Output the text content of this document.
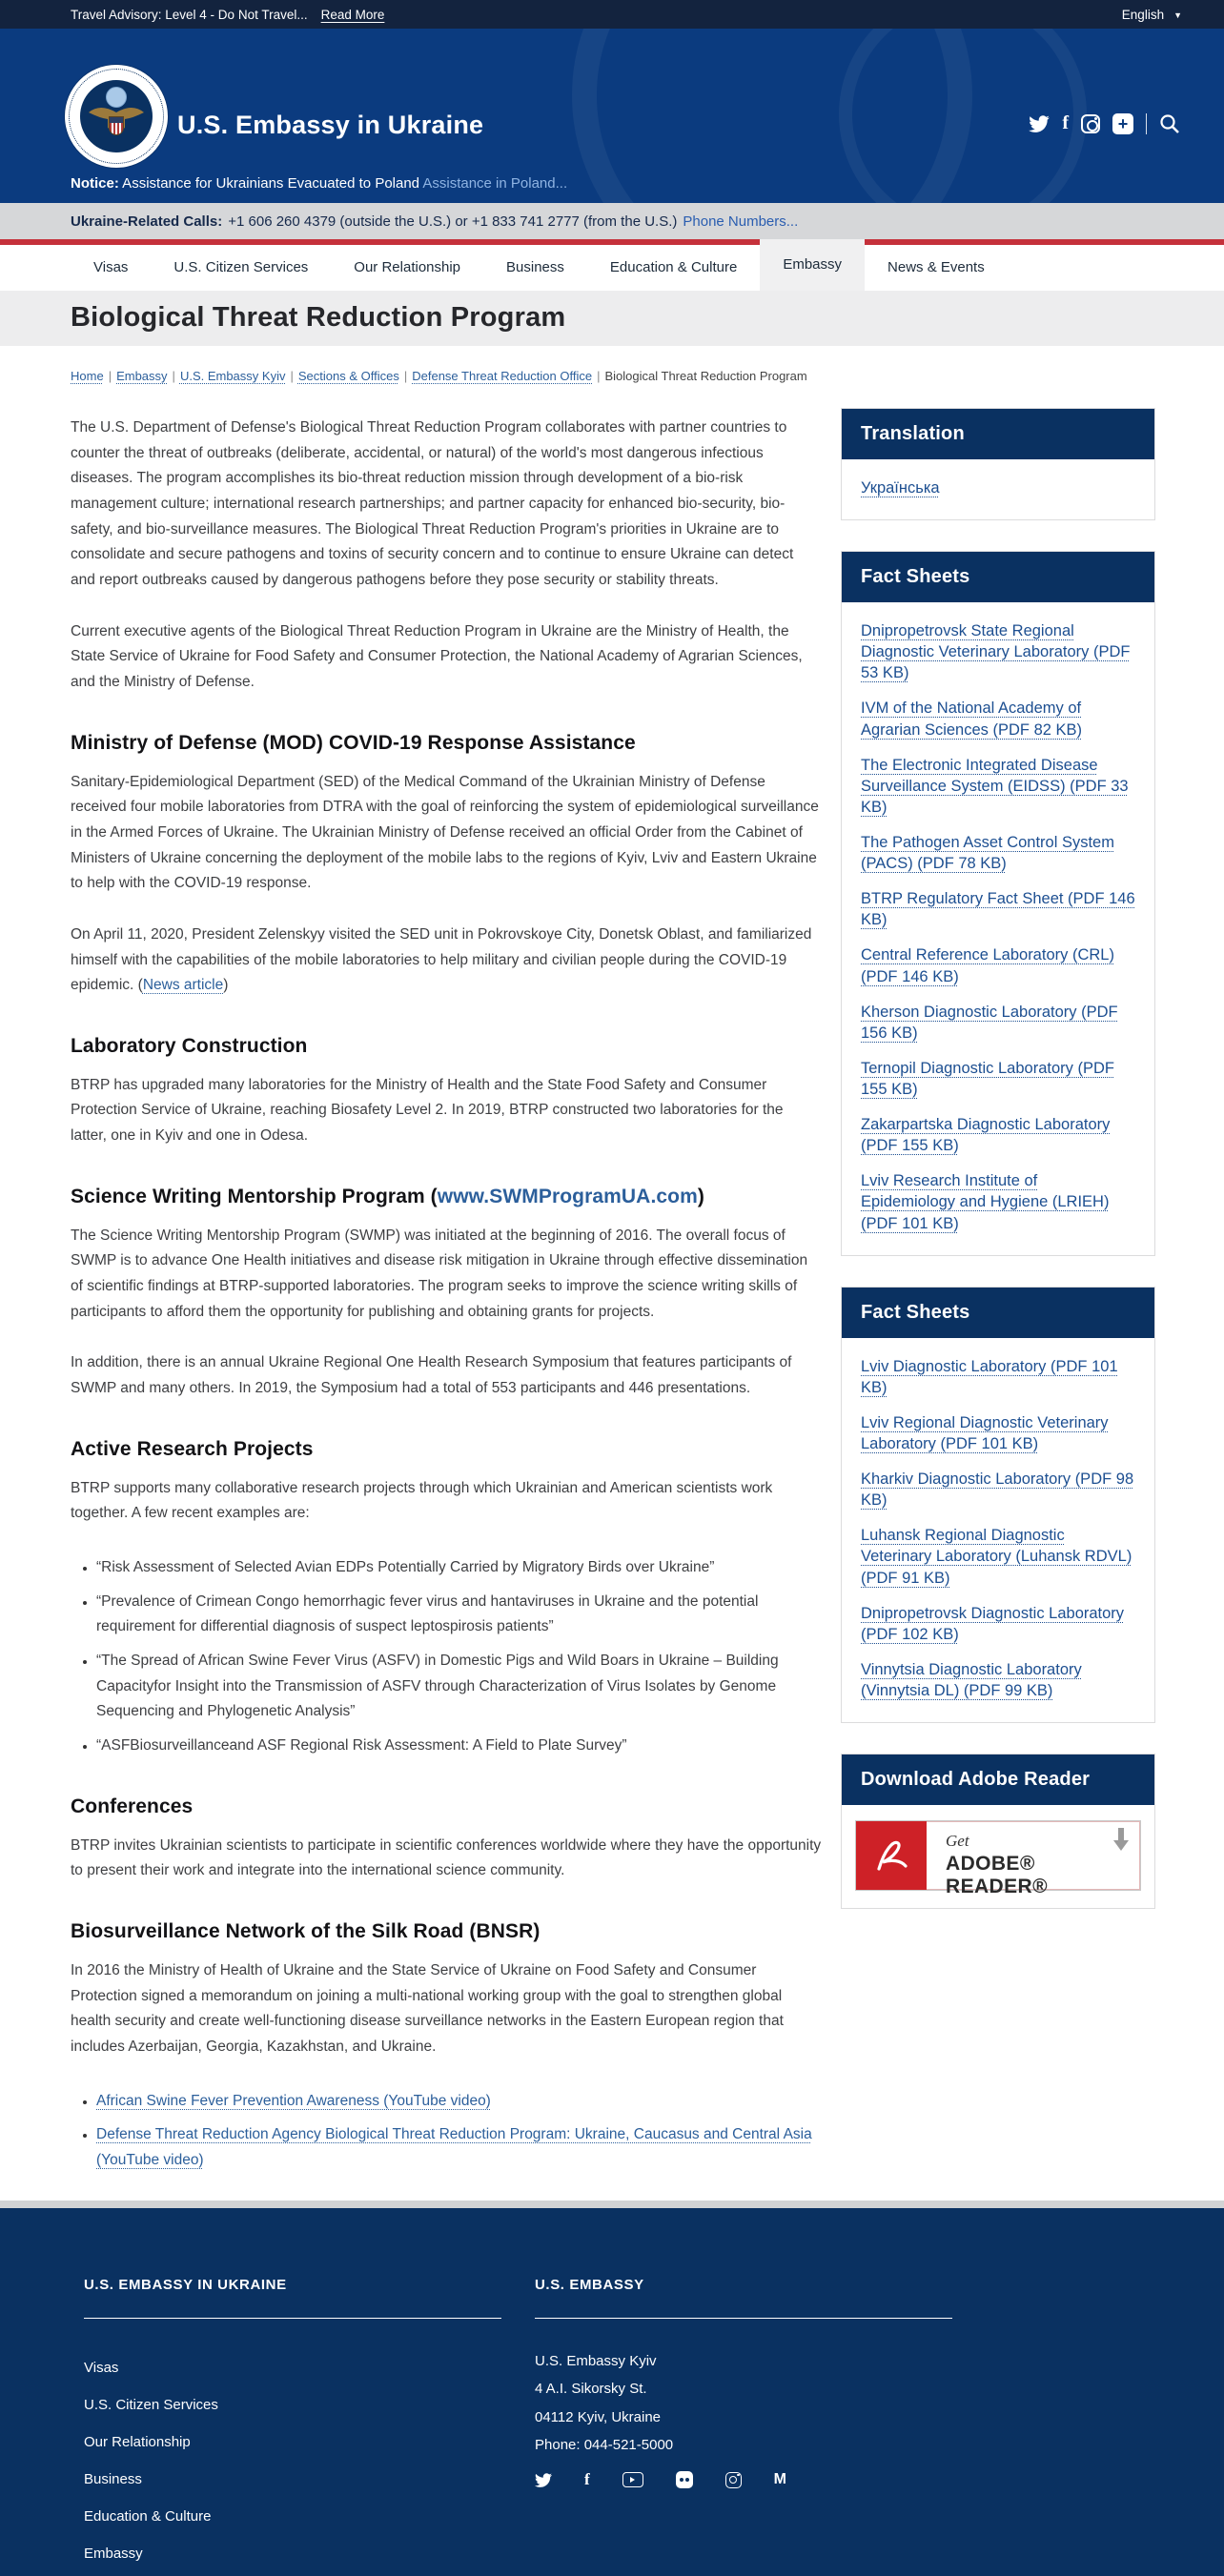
Travel Advisory: Level 4 - Do Not Travel... Read More	English ▼
U.S. Embassy in Ukraine	f	+
Notice: Assistance for Ukrainians Evacuated to Poland Assistance in Poland...
Ukraine-Related Calls: +1 606 260 4379 (outside the U.S.) or +1 833 741 2777 (from the U.S.) Phone Numbers...
Visas	U.S. Citizen Services	Our Relationship	Business	Education & Culture	Embassy	News & Events
Biological Threat Reduction Program
Home | Embassy | U.S. Embassy Kyiv | Sections & Offices | Defense Threat Reduction Office | Biological Threat Reduction Program

The U.S. Department of Defense's Biological Threat Reduction Program collaborates with partner countries to counter the threat of outbreaks (deliberate, accidental, or natural) of the world's most dangerous infectious diseases. The program accomplishes its bio-threat reduction mission through development of a bio-risk management culture; international research partnerships; and partner capacity for enhanced bio-security, bio-safety, and bio-surveillance measures. The Biological Threat Reduction Program's priorities in Ukraine are to consolidate and secure pathogens and toxins of security concern and to continue to ensure Ukraine can detect and report outbreaks caused by dangerous pathogens before they pose security or stability threats.

Current executive agents of the Biological Threat Reduction Program in Ukraine are the Ministry of Health, the State Service of Ukraine for Food Safety and Consumer Protection, the National Academy of Agrarian Sciences, and the Ministry of Defense.

Ministry of Defense (MOD) COVID-19 Response Assistance

Sanitary-Epidemiological Department (SED) of the Medical Command of the Ukrainian Ministry of Defense received four mobile laboratories from DTRA with the goal of reinforcing the system of epidemiological surveillance in the Armed Forces of Ukraine. The Ukrainian Ministry of Defense received an official Order from the Cabinet of Ministers of Ukraine concerning the deployment of the mobile labs to the regions of Kyiv, Lviv and Eastern Ukraine to help with the COVID-19 response.

On April 11, 2020, President Zelenskyy visited the SED unit in Pokrovskoye City, Donetsk Oblast, and familiarized himself with the capabilities of the mobile laboratories to help military and civilian people during the COVID-19 epidemic. (News article)

Laboratory Construction

BTRP has upgraded many laboratories for the Ministry of Health and the State Food Safety and Consumer Protection Service of Ukraine, reaching Biosafety Level 2. In 2019, BTRP constructed two laboratories for the latter, one in Kyiv and one in Odesa.

Science Writing Mentorship Program (www.SWMProgramUA.com)

The Science Writing Mentorship Program (SWMP) was initiated at the beginning of 2016. The overall focus of SWMP is to advance One Health initiatives and disease risk mitigation in Ukraine through effective dissemination of scientific findings at BTRP-supported laboratories. The program seeks to improve the science writing skills of participants to afford them the opportunity for publishing and obtaining grants for projects.

In addition, there is an annual Ukraine Regional One Health Research Symposium that features participants of SWMP and many others. In 2019, the Symposium had a total of 553 participants and 446 presentations.

Active Research Projects

BTRP supports many collaborative research projects through which Ukrainian and American scientists work together. A few recent examples are:

• “Risk Assessment of Selected Avian EDPs Potentially Carried by Migratory Birds over Ukraine”
• “Prevalence of Crimean Congo hemorrhagic fever virus and hantaviruses in Ukraine and the potential requirement for differential diagnosis of suspect leptospirosis patients”
• “The Spread of African Swine Fever Virus (ASFV) in Domestic Pigs and Wild Boars in Ukraine – Building Capacityfor Insight into the Transmission of ASFV through Characterization of Virus Isolates by Genome Sequencing and Phylogenetic Analysis”
• “ASFBiosurveillanceand ASF Regional Risk Assessment: A Field to Plate Survey”
Conferences

BTRP invites Ukrainian scientists to participate in scientific conferences worldwide where they have the opportunity to present their work and integrate into the international science community.

Biosurveillance Network of the Silk Road (BNSR)

In 2016 the Ministry of Health of Ukraine and the State Service of Ukraine on Food Safety and Consumer Protection signed a memorandum on joining a multi-national working group with the goal to strengthen global health security and create well-functioning disease surveillance networks in the Eastern European region that includes Azerbaijan, Georgia, Kazakhstan, and Ukraine.

• African Swine Fever Prevention Awareness (YouTube video)
• Defense Threat Reduction Agency Biological Threat Reduction Program: Ukraine, Caucasus and Central Asia (YouTube video)
Translation
Українська
Fact Sheets
Dnipropetrovsk State Regional Diagnostic Veterinary Laboratory (PDF 53 KB)
IVM of the National Academy of Agrarian Sciences (PDF 82 KB)
The Electronic Integrated Disease Surveillance System (EIDSS) (PDF 33 KB)
The Pathogen Asset Control System (PACS) (PDF 78 KB)
BTRP Regulatory Fact Sheet (PDF 146 KB)
Central Reference Laboratory (CRL) (PDF 146 KB)
Kherson Diagnostic Laboratory (PDF 156 KB)
Ternopil Diagnostic Laboratory (PDF 155 KB)
Zakarpartska Diagnostic Laboratory (PDF 155 KB)
Lviv Research Institute of Epidemiology and Hygiene (LRIEH) (PDF 101 KB)
Fact Sheets
Lviv Diagnostic Laboratory (PDF 101 KB)
Lviv Regional Diagnostic Veterinary Laboratory (PDF 101 KB)
Kharkiv Diagnostic Laboratory (PDF 98 KB)
Luhansk Regional Diagnostic Veterinary Laboratory (Luhansk RDVL) (PDF 91 KB)
Dnipropetrovsk Diagnostic Laboratory (PDF 102 KB)
Vinnytsia Diagnostic Laboratory (Vinnytsia DL) (PDF 99 KB)
Download Adobe Reader
Get
ADOBE® READER®
U.S. EMBASSY IN UKRAINE
Visas
U.S. Citizen Services
Our Relationship
Business
Education & Culture
Embassy
U.S. EMBASSY

U.S. Embassy Kyiv

4 A.I. Sikorsky St.

04112 Kyiv, Ukraine

Phone: 044-521-5000

f	M
